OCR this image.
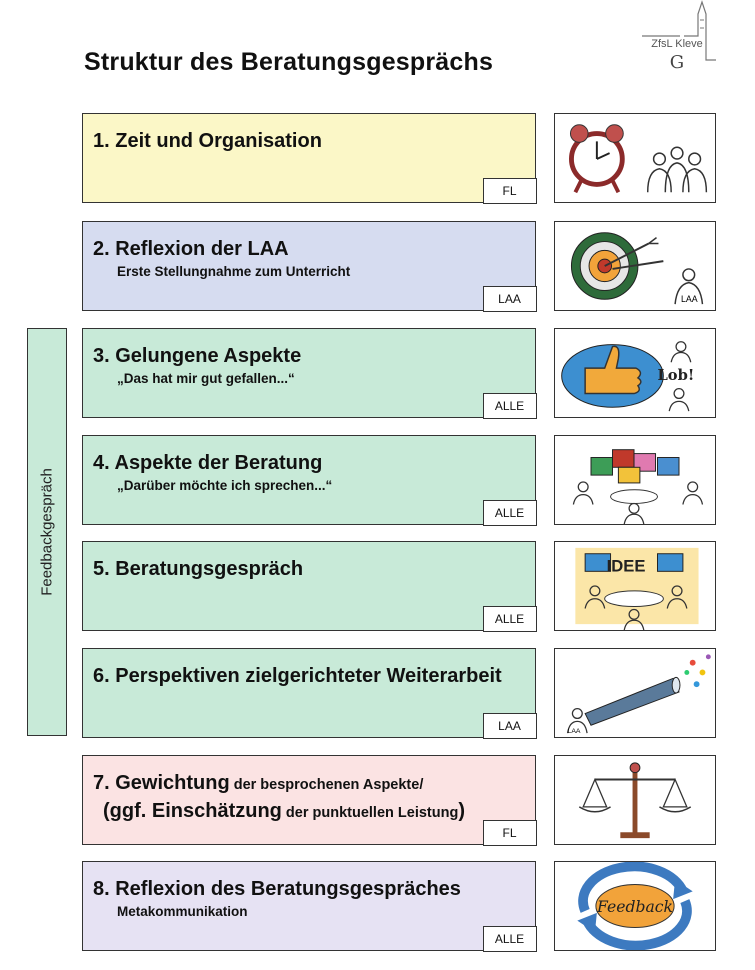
Struktur des Beratungsgesprächs
ZfsL Kleve
G
Feedbackgespräch
1. Zeit und Organisation
FL
2. Reflexion der LAA
Erste Stellungnahme zum Unterricht
LAA	LAA
3. Gelungene Aspekte
„Das hat mir gut gefallen...“
ALLE
Lob!
4. Aspekte der Beratung
„Darüber möchte ich sprechen...“
ALLE
5. Beratungsgespräch
ALLE
IDEE
6. Perspektiven zielgerichteter Weiterarbeit
LAA	LAA
7. Gewichtung der besprochenen Aspekte/
(ggf. Einschätzung der punktuellen Leistung)
FL
8. Reflexion des Beratungsgespräches
Metakommunikation
ALLE
Feedback
